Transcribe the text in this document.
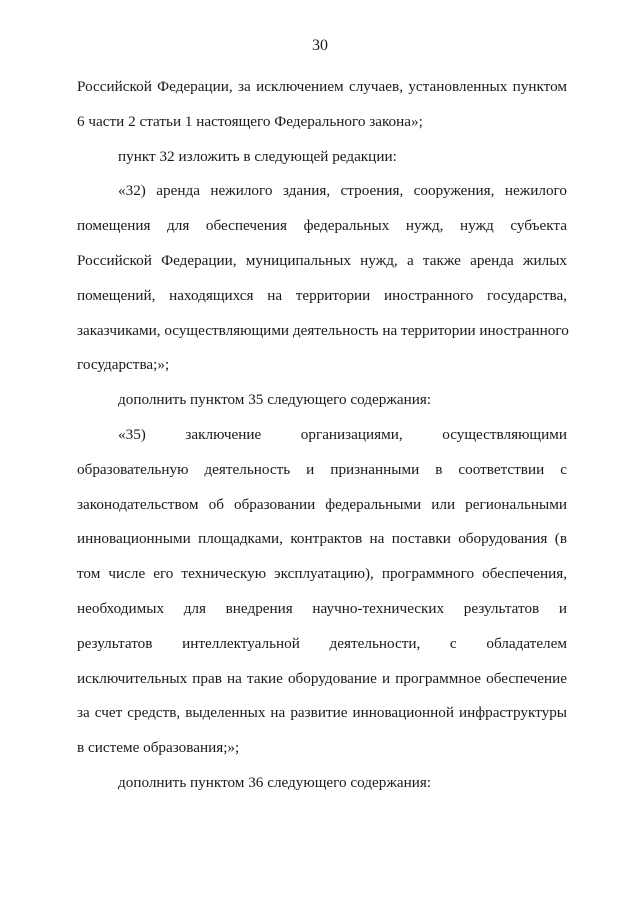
30
Российской Федерации, за исключением случаев, установленных пунктом
6 части 2 статьи 1 настоящего Федерального закона»;
пункт 32 изложить в следующей редакции:
«32) аренда нежилого здания, строения, сооружения, нежилого
помещения для обеспечения федеральных нужд, нужд субъекта
Российской Федерации, муниципальных нужд, а также аренда жилых
помещений, находящихся на территории иностранного государства,
заказчиками, осуществляющими деятельность на территории иностранного
государства;»;
дополнить пунктом 35 следующего содержания:
«35) заключение организациями, осуществляющими
образовательную деятельность и признанными в соответствии с
законодательством об образовании федеральными или региональными
инновационными площадками, контрактов на поставки оборудования (в
том числе его техническую эксплуатацию), программного обеспечения,
необходимых для внедрения научно-технических результатов и
результатов интеллектуальной деятельности, с обладателем
исключительных прав на такие оборудование и программное обеспечение
за счет средств, выделенных на развитие инновационной инфраструктуры
в системе образования;»;
дополнить пунктом 36 следующего содержания:
